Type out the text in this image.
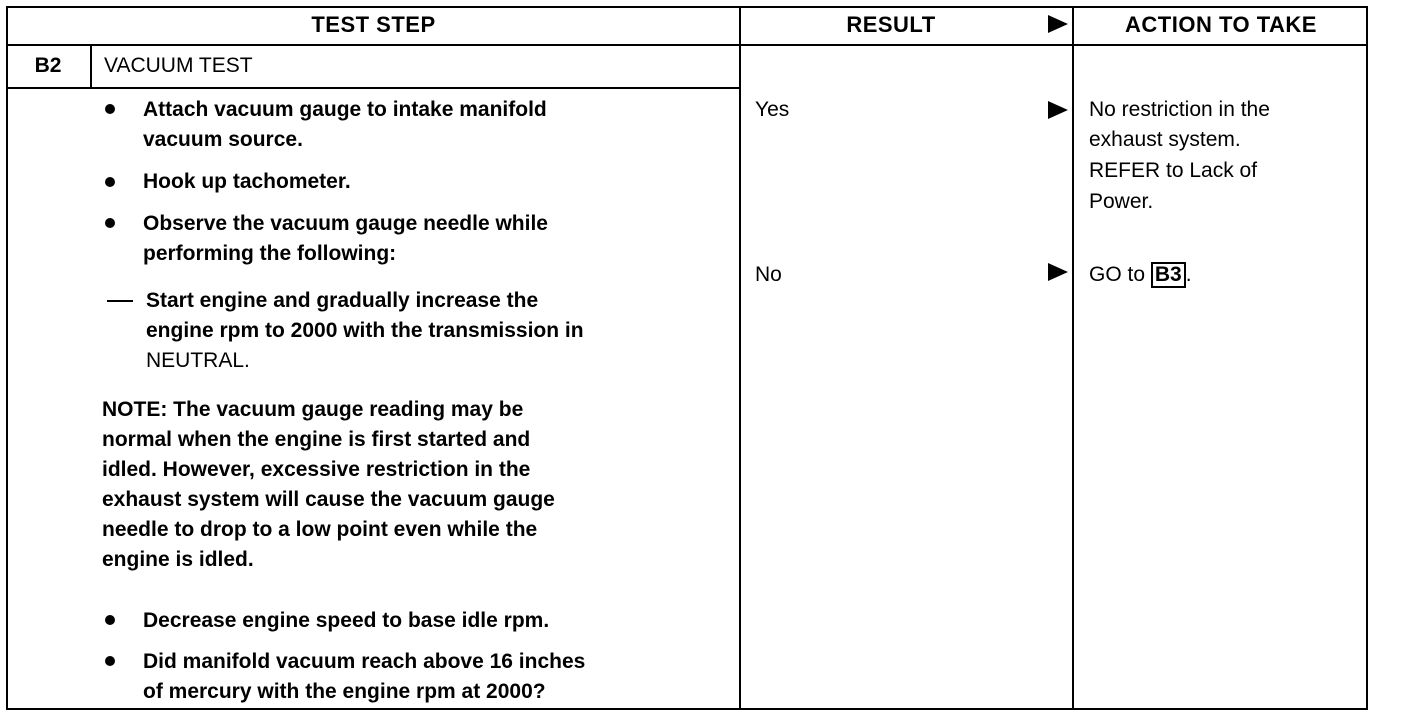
TEST STEP	RESULT	ACTION TO TAKE
B2	VACUUM TEST
Attach vacuum gauge to intake manifold
vacuum source.
Hook up tachometer.
Observe the vacuum gauge needle while
performing the following:
Start engine and gradually increase the
engine rpm to 2000 with the transmission in
NEUTRAL.
NOTE: The vacuum gauge reading may be
normal when the engine is first started and
idled. However, excessive restriction in the
exhaust system will cause the vacuum gauge
needle to drop to a low point even while the
engine is idled.
Decrease engine speed to base idle rpm.
Did manifold vacuum reach above 16 inches
of mercury with the engine rpm at 2000?
Yes	No restriction in the
exhaust system.
REFER to Lack of
Power.
No	GO to B3 .
